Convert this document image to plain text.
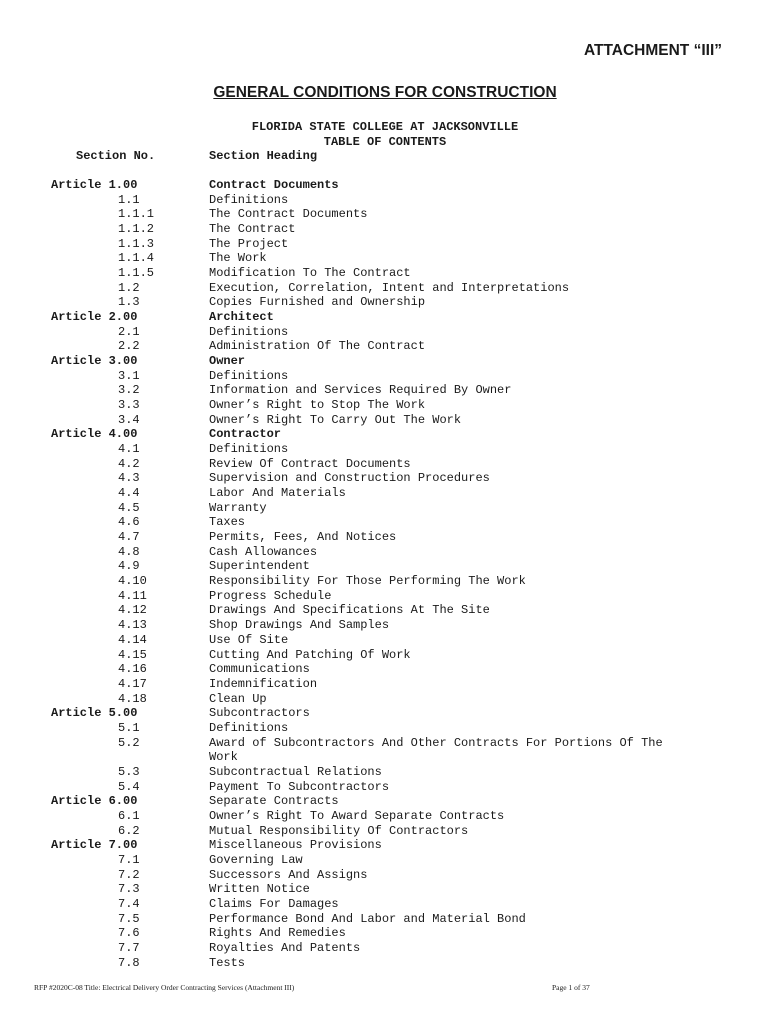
ATTACHMENT “III”
GENERAL CONDITIONS FOR CONSTRUCTION
FLORIDA STATE COLLEGE AT JACKSONVILLE
TABLE OF CONTENTS
Section No.	Section Heading
Article 1.00	Contract Documents
1.1	Definitions
1.1.1	The Contract Documents
1.1.2	The Contract
1.1.3	The Project
1.1.4	The Work
1.1.5	Modification To The Contract
1.2	Execution, Correlation, Intent and Interpretations
1.3	Copies Furnished and Ownership
Article 2.00	Architect
2.1	Definitions
2.2	Administration Of The Contract
Article 3.00	Owner
3.1	Definitions
3.2	Information and Services Required By Owner
3.3	Owner’s Right to Stop The Work
3.4	Owner’s Right To Carry Out The Work
Article 4.00	Contractor
4.1	Definitions
4.2	Review Of Contract Documents
4.3	Supervision and Construction Procedures
4.4	Labor And Materials
4.5	Warranty
4.6	Taxes
4.7	Permits, Fees, And Notices
4.8	Cash Allowances
4.9	Superintendent
4.10	Responsibility For Those Performing The Work
4.11	Progress Schedule
4.12	Drawings And Specifications At The Site
4.13	Shop Drawings And Samples
4.14	Use Of Site
4.15	Cutting And Patching Of Work
4.16	Communications
4.17	Indemnification
4.18	Clean Up
Article 5.00	Subcontractors
5.1	Definitions
5.2	Award of Subcontractors And Other Contracts For Portions Of The
Work
5.3	Subcontractual Relations
5.4	Payment To Subcontractors
Article 6.00	Separate Contracts
6.1	Owner’s Right To Award Separate Contracts
6.2	Mutual Responsibility Of Contractors
Article 7.00	Miscellaneous Provisions
7.1	Governing Law
7.2	Successors And Assigns
7.3	Written Notice
7.4	Claims For Damages
7.5	Performance Bond And Labor and Material Bond
7.6	Rights And Remedies
7.7	Royalties And Patents
7.8	Tests
RFP #2020C-08 Title: Electrical Delivery Order Contracting Services (Attachment III)	Page 1 of 37
